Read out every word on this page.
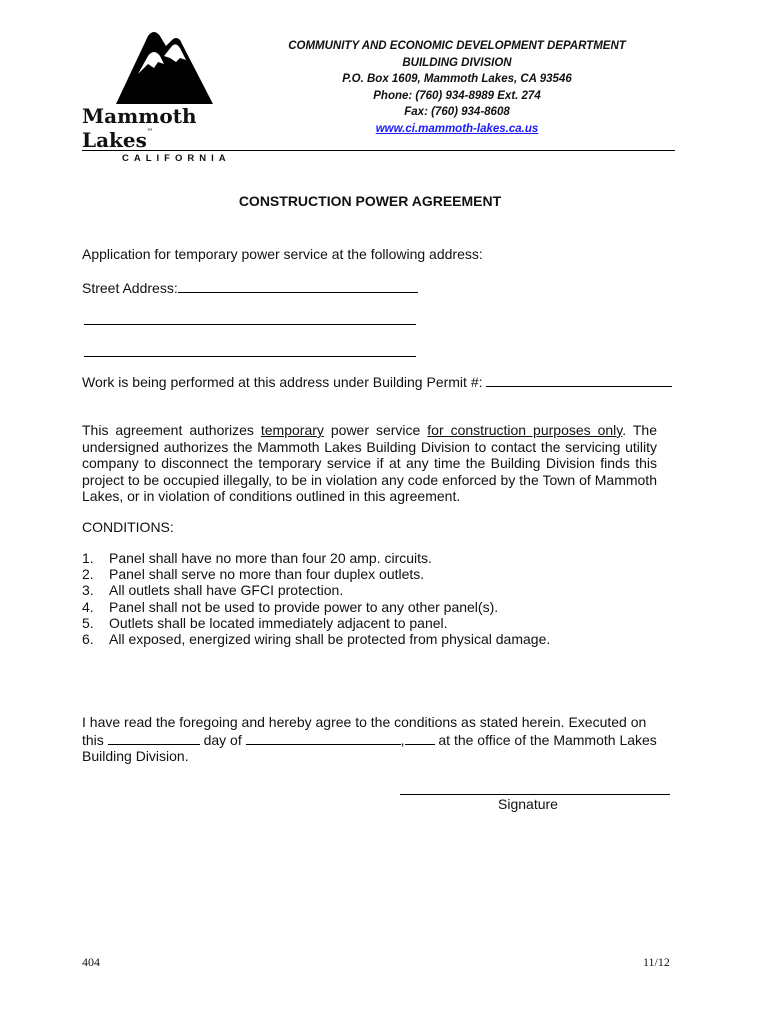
Mammoth Lakes™
CALIFORNIA
COMMUNITY AND ECONOMIC DEVELOPMENT DEPARTMENT
BUILDING DIVISION
P.O. Box 1609, Mammoth Lakes, CA 93546
Phone: (760) 934-8989 Ext. 274
Fax: (760) 934-8608
www.ci.mammoth-lakes.ca.us
CONSTRUCTION POWER AGREEMENT
Application for temporary power service at the following address:
Street Address:
Work is being performed at this address under Building Permit #:
This agreement authorizes temporary power service for construction purposes only. The undersigned authorizes the Mammoth Lakes Building Division to contact the servicing utility company to disconnect the temporary service if at any time the Building Division finds this project to be occupied illegally, to be in violation any code enforced by the Town of Mammoth Lakes, or in violation of conditions outlined in this agreement.
CONDITIONS:
1.	Panel shall have no more than four 20 amp. circuits.
2.	Panel shall serve no more than four duplex outlets.
3.	All outlets shall have GFCI protection.
4.	Panel shall not be used to provide power to any other panel(s).
5.	Outlets shall be located immediately adjacent to panel.
6.	All exposed, energized wiring shall be protected from physical damage.
I have read the foregoing and hereby agree to the conditions as stated herein. Executed on
this	day of	, at the office of the Mammoth Lakes
Building Division.
Signature
404	11/12
